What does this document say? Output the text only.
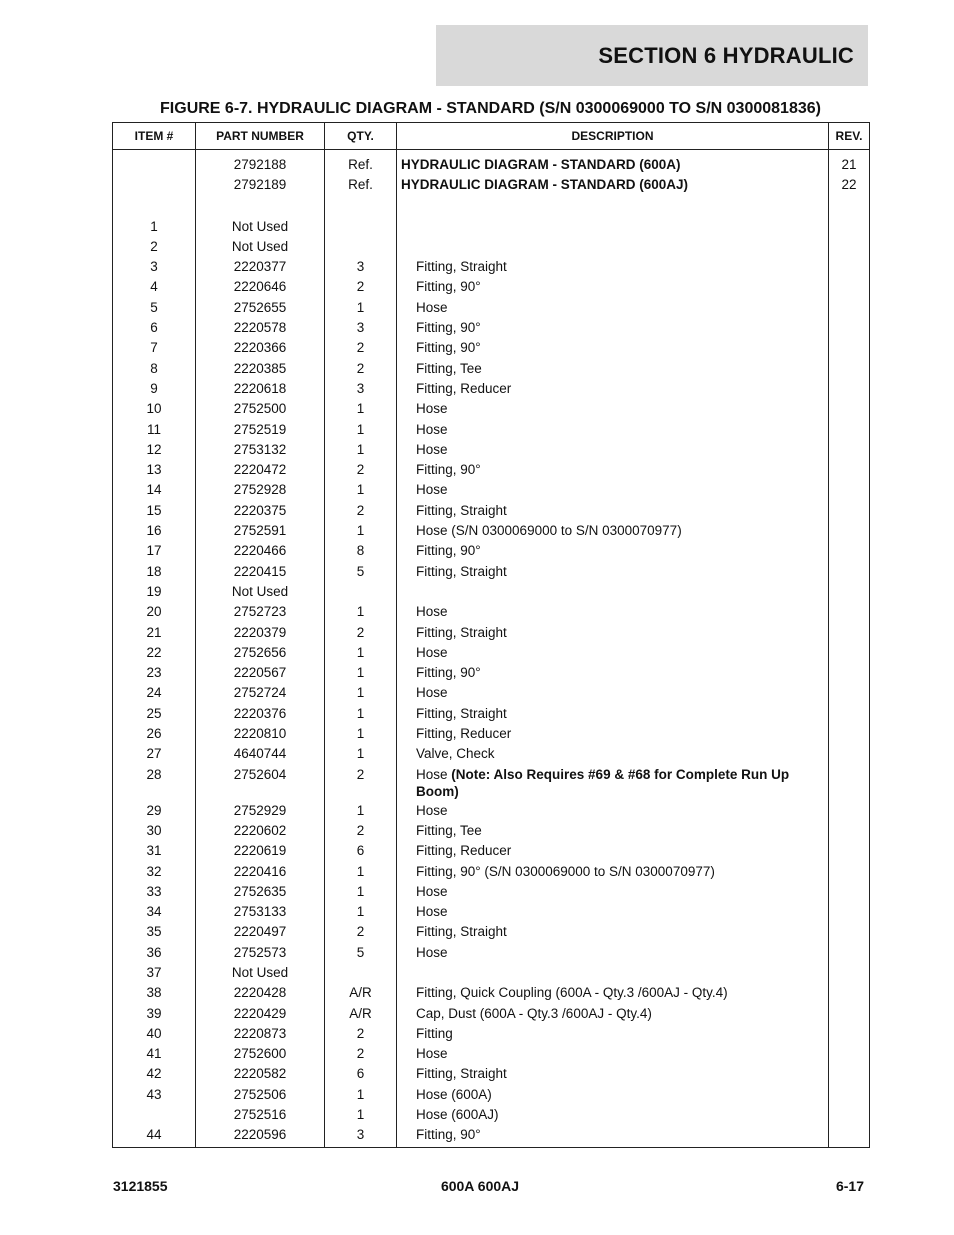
SECTION 6 HYDRAULIC
FIGURE 6-7. HYDRAULIC DIAGRAM - STANDARD (S/N 0300069000 TO S/N 0300081836)
ITEM #	PART NUMBER	QTY.	DESCRIPTION	REV.
	2792188	Ref.	HYDRAULIC DIAGRAM - STANDARD (600A)	21
	2792189	Ref.	HYDRAULIC DIAGRAM - STANDARD (600AJ)	22

1	Not Used			
2	Not Used			
3	2220377	3	Fitting, Straight	
4	2220646	2	Fitting, 90°	
5	2752655	1	Hose	
6	2220578	3	Fitting, 90°	
7	2220366	2	Fitting, 90°	
8	2220385	2	Fitting, Tee	
9	2220618	3	Fitting, Reducer	
10	2752500	1	Hose	
11	2752519	1	Hose	
12	2753132	1	Hose	
13	2220472	2	Fitting, 90°	
14	2752928	1	Hose	
15	2220375	2	Fitting, Straight	
16	2752591	1	Hose (S/N 0300069000 to S/N 0300070977)	
17	2220466	8	Fitting, 90°	
18	2220415	5	Fitting, Straight	
19	Not Used			
20	2752723	1	Hose	
21	2220379	2	Fitting, Straight	
22	2752656	1	Hose	
23	2220567	1	Fitting, 90°	
24	2752724	1	Hose	
25	2220376	1	Fitting, Straight	
26	2220810	1	Fitting, Reducer	
27	4640744	1	Valve, Check	
28	2752604	2	Hose (Note: Also Requires #69 & #68 for Complete Run Up Boom)	
29	2752929	1	Hose	
30	2220602	2	Fitting, Tee	
31	2220619	6	Fitting, Reducer	
32	2220416	1	Fitting, 90° (S/N 0300069000 to S/N 0300070977)	
33	2752635	1	Hose	
34	2753133	1	Hose	
35	2220497	2	Fitting, Straight	
36	2752573	5	Hose	
37	Not Used			
38	2220428	A/R	Fitting, Quick Coupling (600A - Qty.3 /600AJ - Qty.4)	
39	2220429	A/R	Cap, Dust (600A - Qty.3 /600AJ - Qty.4)	
40	2220873	2	Fitting	
41	2752600	2	Hose	
42	2220582	6	Fitting, Straight	
43	2752506	1	Hose (600A)	
	2752516	1	Hose (600AJ)	
44	2220596	3	Fitting, 90°	
3121855	600A 600AJ	6-17
